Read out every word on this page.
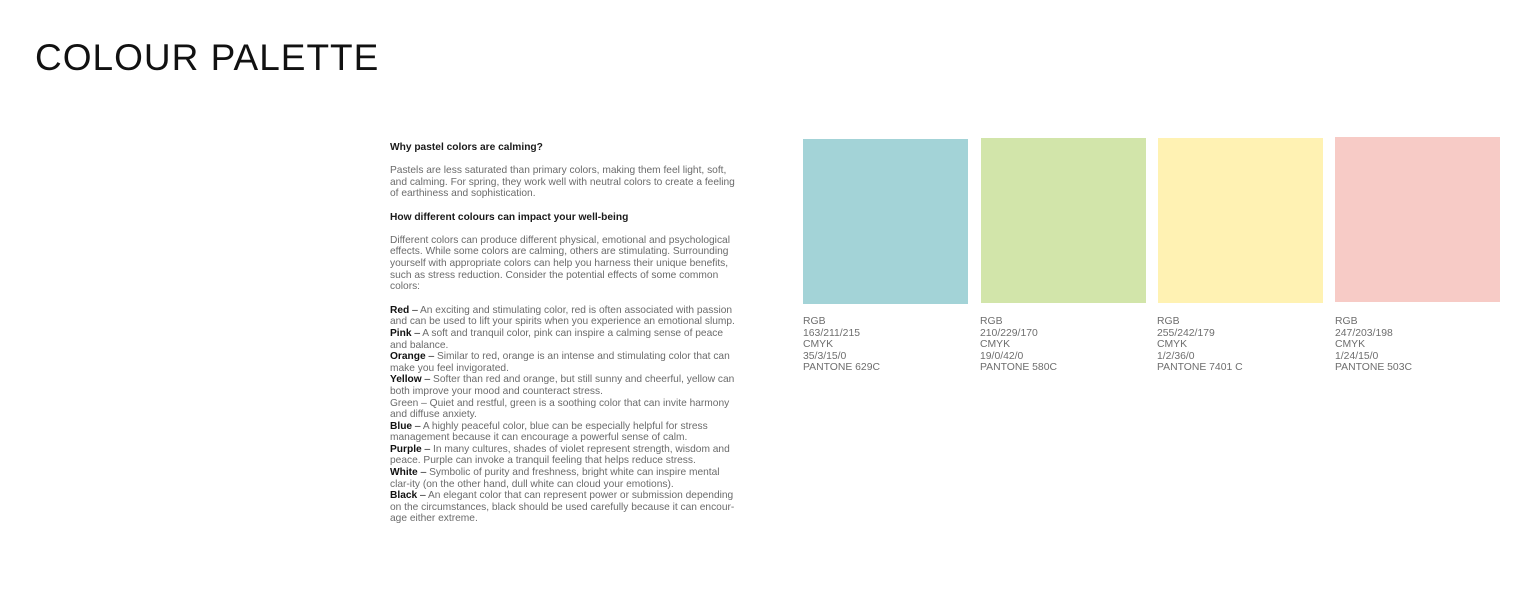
COLOUR PALETTE
Why pastel colors are calming?

Pastels are less saturated than primary colors, making them feel light, soft, and calming. For spring, they work well with neutral colors to create a feeling of earthiness and sophistication.

How different colours can impact your well-being

Different colors can produce different physical, emotional and psychological effects. While some colors are calming, others are stimulating. Surrounding yourself with appropriate colors can help you harness their unique benefits, such as stress reduction. Consider the potential effects of some common colors:

Red – An exciting and stimulating color, red is often associated with passion and can be used to lift your spirits when you experience an emotional slump.
Pink – A soft and tranquil color, pink can inspire a calming sense of peace and balance.
Orange – Similar to red, orange is an intense and stimulating color that can make you feel invigorated.
Yellow – Softer than red and orange, but still sunny and cheerful, yellow can both improve your mood and counteract stress.
Green – Quiet and restful, green is a soothing color that can invite harmony and diffuse anxiety.
Blue – A highly peaceful color, blue can be especially helpful for stress management because it can encourage a powerful sense of calm.
Purple – In many cultures, shades of violet represent strength, wisdom and peace. Purple can invoke a tranquil feeling that helps reduce stress.
White – Symbolic of purity and freshness, bright white can inspire mental clar-ity (on the other hand, dull white can cloud your emotions).
Black – An elegant color that can represent power or submission depending on the circumstances, black should be used carefully because it can encour-age either extreme.
RGB
163/211/215
CMYK
35/3/15/0
PANTONE 629C
RGB
210/229/170
CMYK
19/0/42/0
PANTONE 580C
RGB
255/242/179
CMYK
1/2/36/0
PANTONE 7401 C
RGB
247/203/198
CMYK
1/24/15/0
PANTONE 503C
